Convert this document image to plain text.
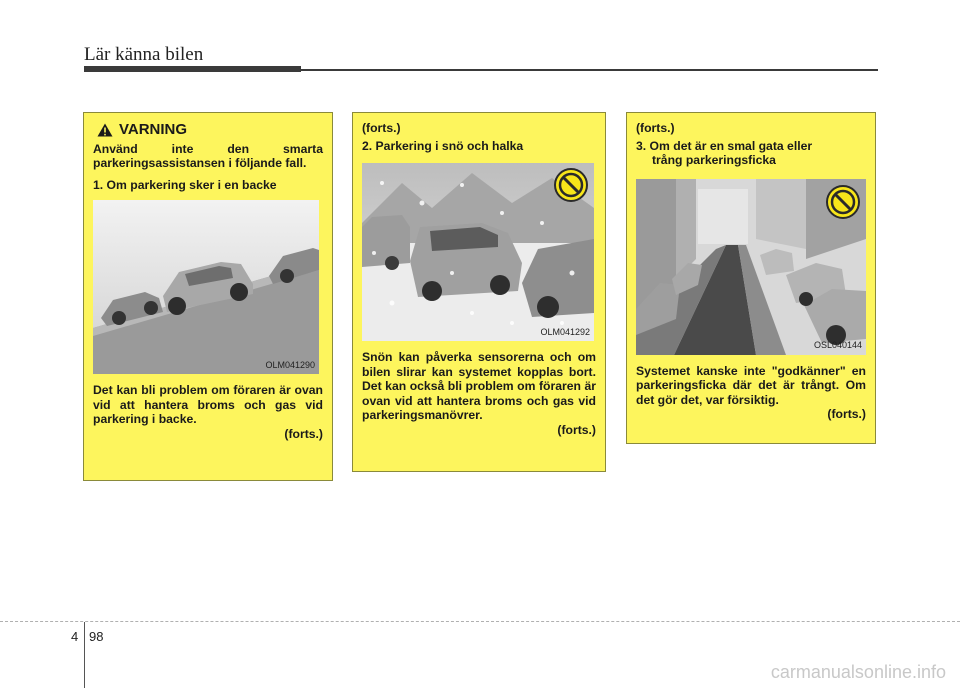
Lär känna bilen
VARNING

Använd inte den smarta parkeringsassistansen i följande fall.

1. Om parkering sker i en backe

OLM041290

Det kan bli problem om föraren är ovan vid att hantera broms och gas vid parkering i backe.

(forts.)

(forts.)

2. Parkering i snö och halka

OLM041292

Snön kan påverka sensorerna och om bilen slirar kan systemet kopplas bort. Det kan också bli problem om föraren är ovan vid att hantera broms och gas vid parkeringsmanövrer.

(forts.)

(forts.)

3. Om det är en smal gata eller

trång parkeringsficka

OSL040144

Systemet kanske inte "godkänner" en parkeringsficka där det är trångt. Om det gör det, var försiktig.

(forts.)

4 98
carmanualsonline.info
